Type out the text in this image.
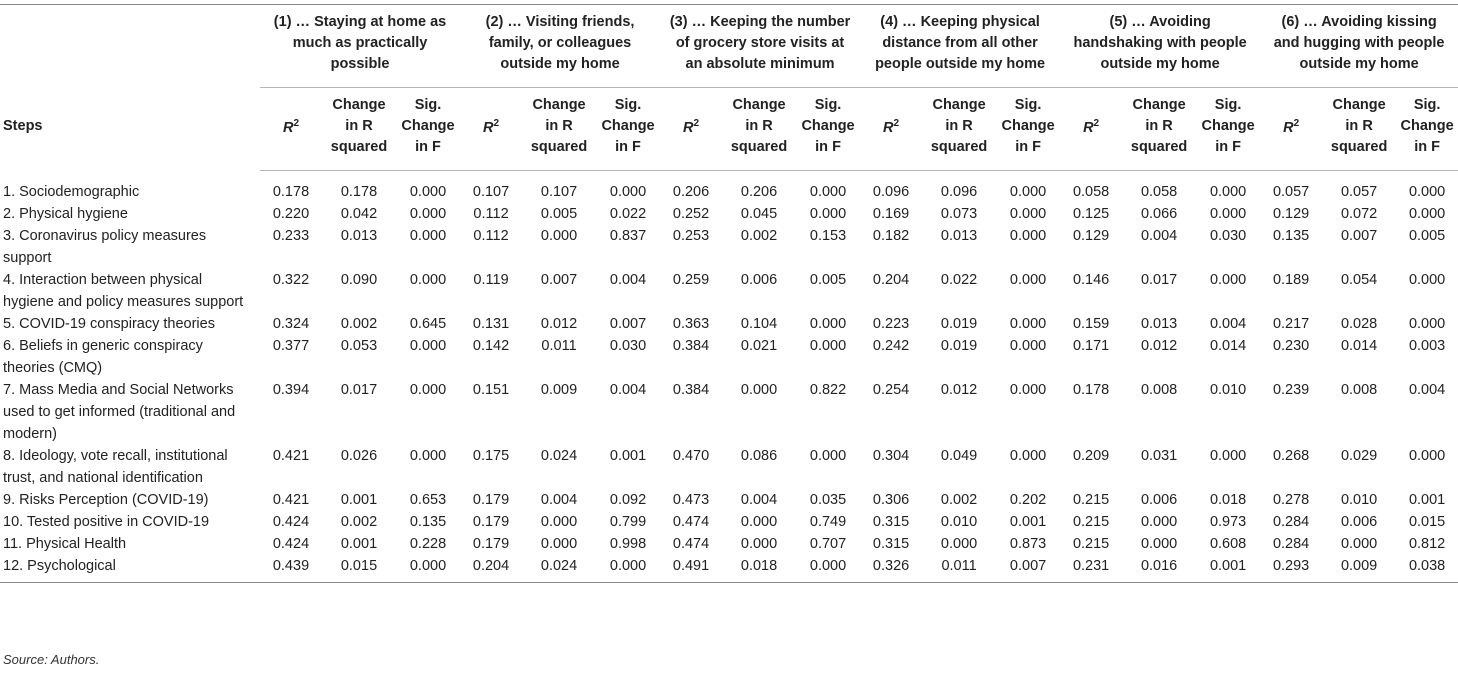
Steps	(1) … Staying at home as much as practically possible			(2) … Visiting friends, family, or colleagues outside my home			(3) … Keeping the number of grocery store visits at an absolute minimum			(4) … Keeping physical distance from all other people outside my home			(5) … Avoiding handshaking with people outside my home			(6) … Avoiding kissing and hugging with people outside my home		

	$R^2$	Change in R squared	Sig. Change in F	$R^2$	Change in R squared	Sig. Change in F	$R^2$	Change in R squared	Sig. Change in F	$R^2$	Change in R squared	Sig. Change in F	$R^2$	Change in R squared	Sig. Change in F	$R^2$	Change in R squared	Sig. Change in F
1. Sociodemographic	0.178	0.178	0.000	0.107	0.107	0.000	0.206	0.206	0.000	0.096	0.096	0.000	0.058	0.058	0.000	0.057	0.057	0.000
2. Physical hygiene	0.220	0.042	0.000	0.112	0.005	0.022	0.252	0.045	0.000	0.169	0.073	0.000	0.125	0.066	0.000	0.129	0.072	0.000
3. Coronavirus policy measures support	0.233	0.013	0.000	0.112	0.000	0.837	0.253	0.002	0.153	0.182	0.013	0.000	0.129	0.004	0.030	0.135	0.007	0.005
4. Interaction between physical hygiene and policy measures support	0.322	0.090	0.000	0.119	0.007	0.004	0.259	0.006	0.005	0.204	0.022	0.000	0.146	0.017	0.000	0.189	0.054	0.000
5. COVID-19 conspiracy theories	0.324	0.002	0.645	0.131	0.012	0.007	0.363	0.104	0.000	0.223	0.019	0.000	0.159	0.013	0.004	0.217	0.028	0.000
6. Beliefs in generic conspiracy theories (CMQ)	0.377	0.053	0.000	0.142	0.011	0.030	0.384	0.021	0.000	0.242	0.019	0.000	0.171	0.012	0.014	0.230	0.014	0.003
7. Mass Media and Social Networks used to get informed (traditional and modern)	0.394	0.017	0.000	0.151	0.009	0.004	0.384	0.000	0.822	0.254	0.012	0.000	0.178	0.008	0.010	0.239	0.008	0.004
8. Ideology, vote recall, institutional trust, and national identification	0.421	0.026	0.000	0.175	0.024	0.001	0.470	0.086	0.000	0.304	0.049	0.000	0.209	0.031	0.000	0.268	0.029	0.000
9. Risks Perception (COVID-19)	0.421	0.001	0.653	0.179	0.004	0.092	0.473	0.004	0.035	0.306	0.002	0.202	0.215	0.006	0.018	0.278	0.010	0.001
10. Tested positive in COVID-19	0.424	0.002	0.135	0.179	0.000	0.799	0.474	0.000	0.749	0.315	0.010	0.001	0.215	0.000	0.973	0.284	0.006	0.015
11. Physical Health	0.424	0.001	0.228	0.179	0.000	0.998	0.474	0.000	0.707	0.315	0.000	0.873	0.215	0.000	0.608	0.284	0.000	0.812
12. Psychological	0.439	0.015	0.000	0.204	0.024	0.000	0.491	0.018	0.000	0.326	0.011	0.007	0.231	0.016	0.001	0.293	0.009	0.038
Source: Authors.
